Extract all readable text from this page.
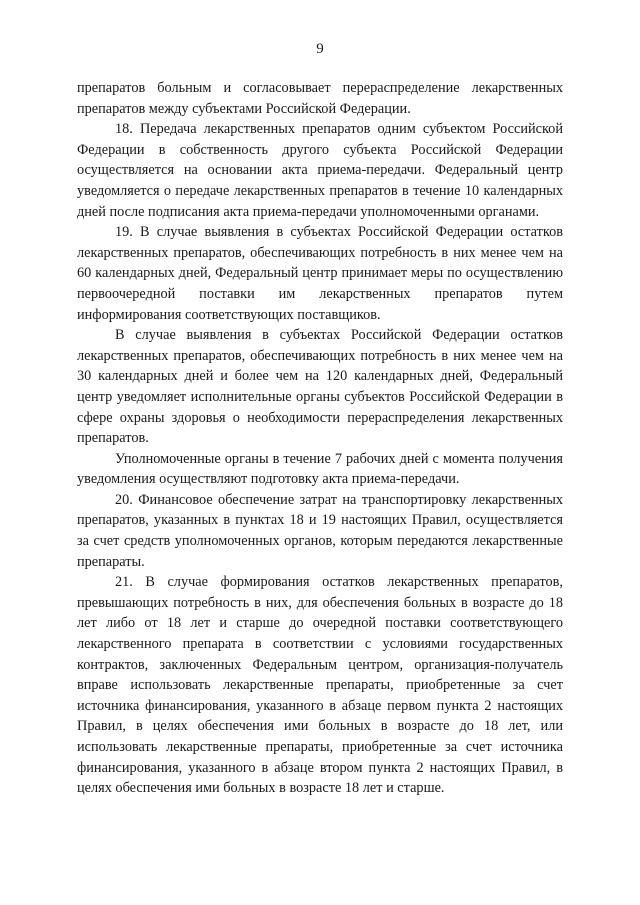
9

препаратов больным и согласовывает перераспределение лекарственных препаратов между субъектами Российской Федерации.

18. Передача лекарственных препаратов одним субъектом Российской Федерации в собственность другого субъекта Российской Федерации осуществляется на основании акта приема-передачи. Федеральный центр уведомляется о передаче лекарственных препаратов в течение 10 календарных дней после подписания акта приема-передачи уполномоченными органами.

19. В случае выявления в субъектах Российской Федерации остатков лекарственных препаратов, обеспечивающих потребность в них менее чем на 60 календарных дней, Федеральный центр принимает меры по осуществлению первоочередной поставки им лекарственных препаратов путем информирования соответствующих поставщиков.

В случае выявления в субъектах Российской Федерации остатков лекарственных препаратов, обеспечивающих потребность в них менее чем на 30 календарных дней и более чем на 120 календарных дней, Федеральный центр уведомляет исполнительные органы субъектов Российской Федерации в сфере охраны здоровья о необходимости перераспределения лекарственных препаратов.

Уполномоченные органы в течение 7 рабочих дней с момента получения уведомления осуществляют подготовку акта приема-передачи.

20. Финансовое обеспечение затрат на транспортировку лекарственных препаратов, указанных в пунктах 18 и 19 настоящих Правил, осуществляется за счет средств уполномоченных органов, которым передаются лекарственные препараты.

21. В случае формирования остатков лекарственных препаратов, превышающих потребность в них, для обеспечения больных в возрасте до 18 лет либо от 18 лет и старше до очередной поставки соответствующего лекарственного препарата в соответствии с условиями государственных контрактов, заключенных Федеральным центром, организация-получатель вправе использовать лекарственные препараты, приобретенные за счет источника финансирования, указанного в абзаце первом пункта 2 настоящих Правил, в целях обеспечения ими больных в возрасте до 18 лет, или использовать лекарственные препараты, приобретенные за счет источника финансирования, указанного в абзаце втором пункта 2 настоящих Правил, в целях обеспечения ими больных в возрасте 18 лет и старше.
